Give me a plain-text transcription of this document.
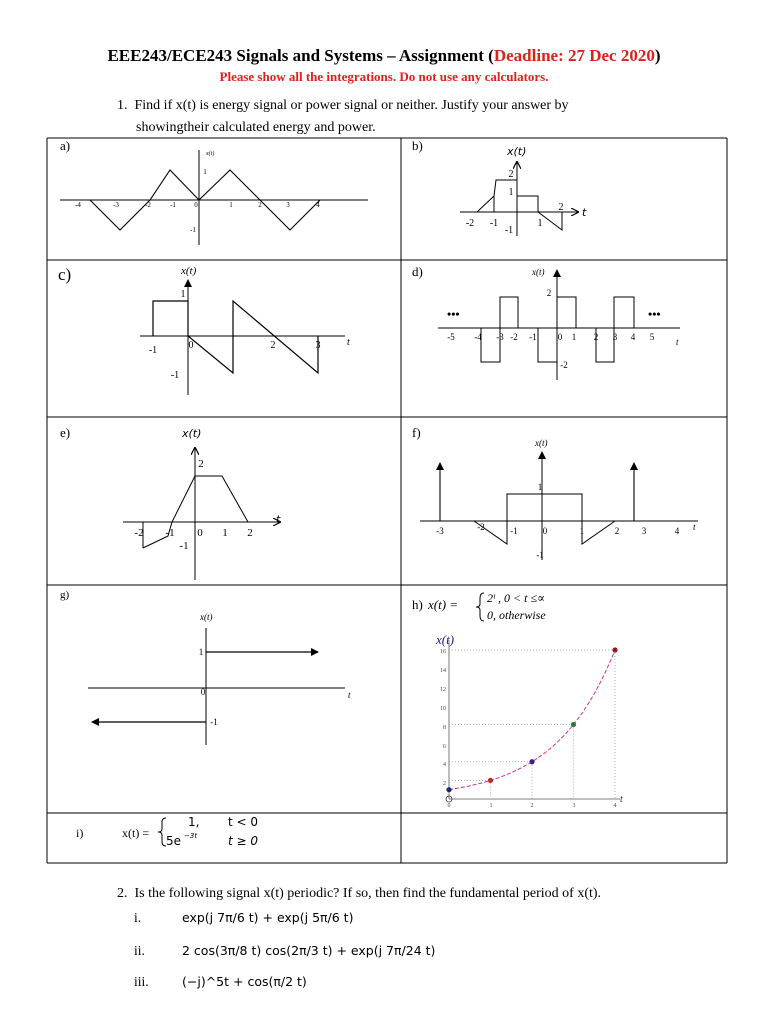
EEE243/ECE243 Signals and Systems – Assignment (Deadline: 27 Dec 2020)
Please show all the integrations. Do not use any calculators.
1. Find if x(t) is energy signal or power signal or neither. Justify your answer by
showingtheir calculated energy and power.
a)
x(t)
-4	-3	-2	-1	0	1	2	3	4
1
-1
b)	x(t)
t
-2 -1	1
2
2
1
-1
c)	x(t)
t
-1	0	2	3
1
-1
d)	x(t)
t
•••	•••
-5 -4 -3 -2 -1 0 1 2 3 4 5
2
-2
e)	x(t)
t
-2 -1 0 1 2
2
-1
f)
x(t)
t
-3	-2	-1	0	1	2	3	4
1
-1
g)
x(t)
t
0
1
-1
h) x(t) = 2ᵗ , 0 < t ≤∝
0, otherwise
x(t)
t
16
14
12
10
8
6
4
2
0	1	2	3	4
i)	x(t) =
1, t < 0
5e −3t	t ≥ 0
2. Is the following signal x(t) periodic? If so, then find the fundamental period of x(t).
i.	exp(j 7π/6 t) + exp(j 5π/6 t)
ii.	2 cos(3π/8 t) cos(2π/3 t) + exp(j 7π/24 t)
iii.	(−j)^5t + cos(π/2 t)
